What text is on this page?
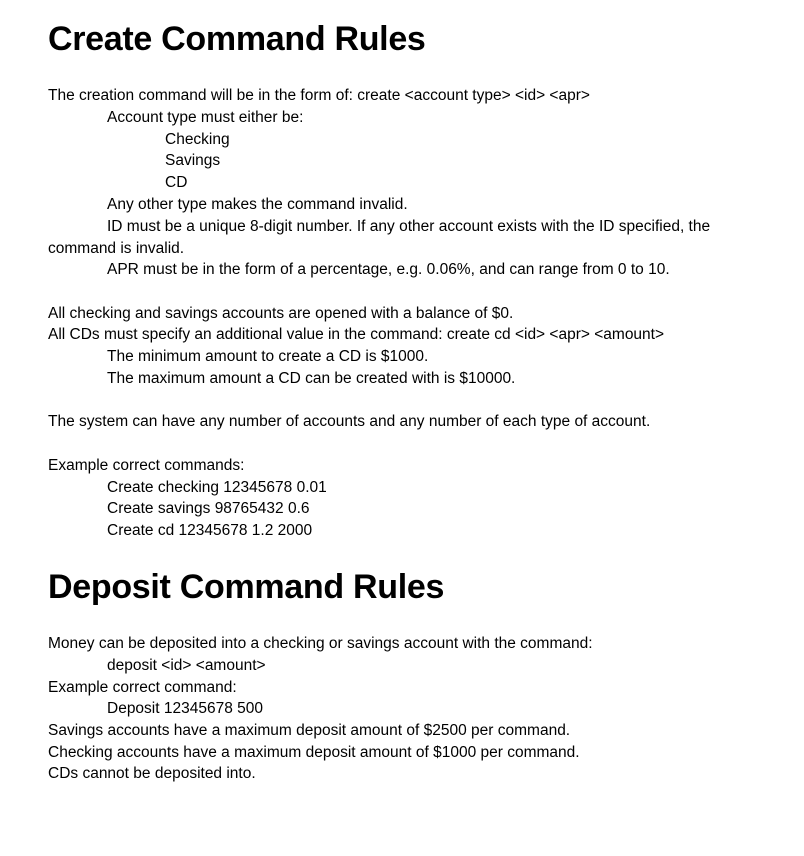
Create Command Rules

The creation command will be in the form of: create <account type> <id> <apr>

Account type must either be:

Checking

Savings

CD

Any other type makes the command invalid.

ID must be a unique 8-digit number. If any other account exists with the ID specified, the command is invalid.

APR must be in the form of a percentage, e.g. 0.06%, and can range from 0 to 10.

All checking and savings accounts are opened with a balance of $0.

All CDs must specify an additional value in the command: create cd <id> <apr> <amount>

The minimum amount to create a CD is $1000.

The maximum amount a CD can be created with is $10000.

The system can have any number of accounts and any number of each type of account.

Example correct commands:

Create checking 12345678 0.01

Create savings 98765432 0.6

Create cd 12345678 1.2 2000

Deposit Command Rules

Money can be deposited into a checking or savings account with the command:

deposit <id> <amount>

Example correct command:

Deposit 12345678 500

Savings accounts have a maximum deposit amount of $2500 per command.

Checking accounts have a maximum deposit amount of $1000 per command.

CDs cannot be deposited into.
